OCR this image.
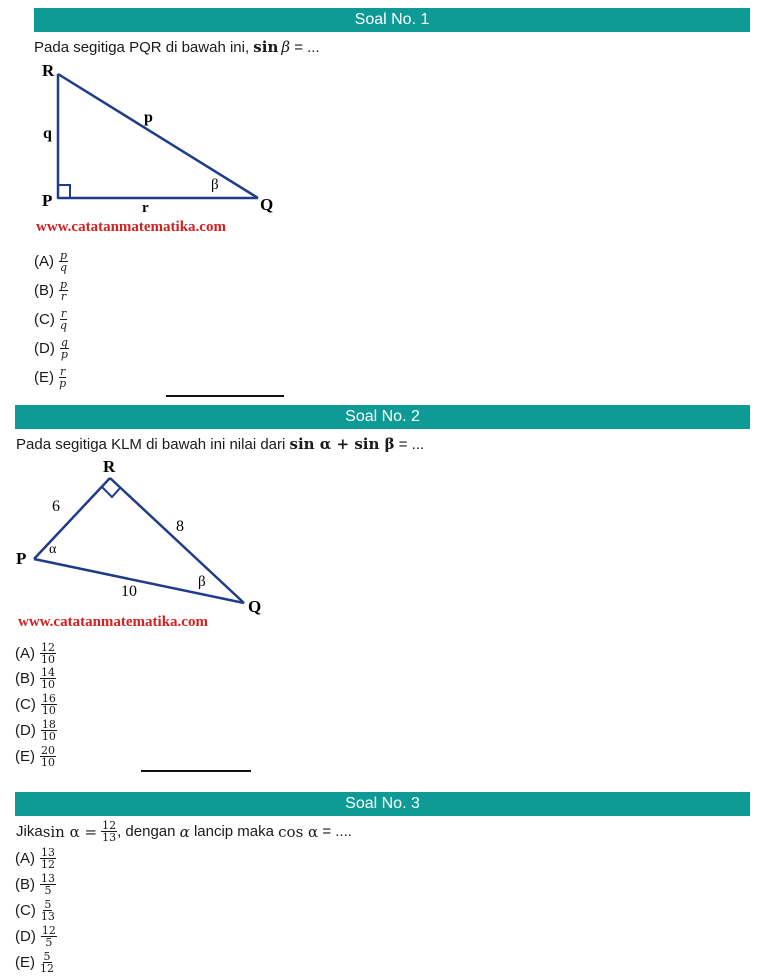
Soal No. 1
Pada segitiga PQR di bawah ini, sin  β = ...
R
P	Q
q
p
r
β
www.catatanmatematika.com
$(A) \frac{p}{q}$
$(B) \frac{p}{r}$
$(C) \frac{r}{q}$
$(D) \frac{q}{p}$
$(E) \frac{r}{p}$
Soal No. 2
Pada segitiga KLM di bawah ini nilai dari sin α + sin β = ...
R
P
Q
6
8
10
α
β
www.catatanmatematika.com
$(A) \frac{12}{10}$
$(B) \frac{14}{10}$
$(C) \frac{16}{10}$
$(D) \frac{18}{10}$
$(E) \frac{20}{10}$
Soal No. 3
Jika $\sin \alpha = \frac{12}{13}$ , dengan α lancip maka cos α = ....
$(A) \frac{13}{12}$
$(B) \frac{13}{5}$
$(C) \frac{5}{13}$
$(D) \frac{12}{5}$
$(E) \frac{5}{12}$
